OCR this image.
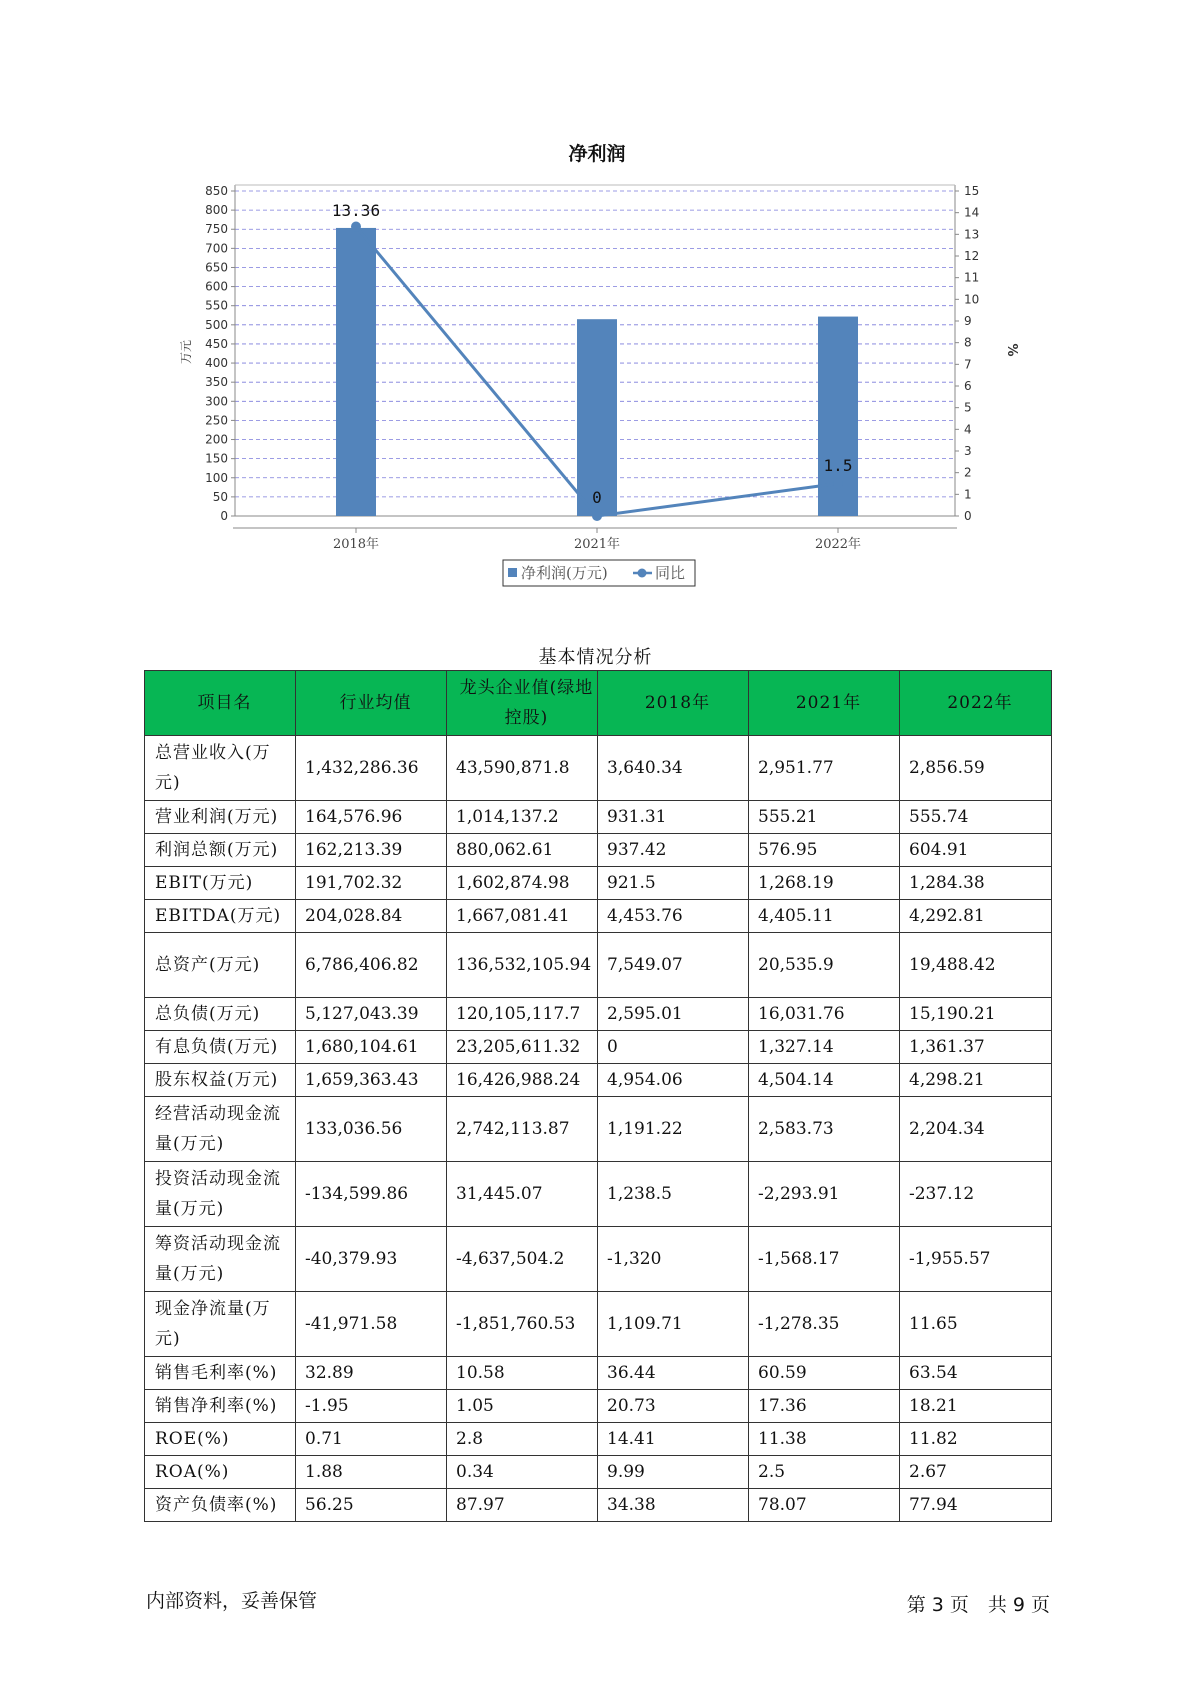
净利润
0
50
100
150
200
250
300
350
400
450
500
550
600
650
700
750
800
850
0
1
2
3
4
5
6
7
8
9
10
11
12
13
14
15
万元	%
2018年	2021年	2022年
13.36
0
1.5
净利润(万元)	同比
基本情况分析
项目名	行业均值	龙头企业值(绿地控股)	2018年	2021年	2022年
总营业收入(万元)	1,432,286.36	43,590,871.8	3,640.34	2,951.77	2,856.59
营业利润(万元)	164,576.96	1,014,137.2	931.31	555.21	555.74
利润总额(万元)	162,213.39	880,062.61	937.42	576.95	604.91
EBIT(万元)	191,702.32	1,602,874.98	921.5	1,268.19	1,284.38
EBITDA(万元)	204,028.84	1,667,081.41	4,453.76	4,405.11	4,292.81
总资产(万元)	6,786,406.82	136,532,105.94	7,549.07	20,535.9	19,488.42
总负债(万元)	5,127,043.39	120,105,117.7	2,595.01	16,031.76	15,190.21
有息负债(万元)	1,680,104.61	23,205,611.32	0	1,327.14	1,361.37
股东权益(万元)	1,659,363.43	16,426,988.24	4,954.06	4,504.14	4,298.21
经营活动现金流量(万元)	133,036.56	2,742,113.87	1,191.22	2,583.73	2,204.34
投资活动现金流量(万元)	-134,599.86	31,445.07	1,238.5	-2,293.91	-237.12
筹资活动现金流量(万元)	-40,379.93	-4,637,504.2	-1,320	-1,568.17	-1,955.57
现金净流量(万元)	-41,971.58	-1,851,760.53	1,109.71	-1,278.35	11.65
销售毛利率(%)	32.89	10.58	36.44	60.59	63.54
销售净利率(%)	-1.95	1.05	20.73	17.36	18.21
ROE(%)	0.71	2.8	14.41	11.38	11.82
ROA(%)	1.88	0.34	9.99	2.5	2.67
资产负债率(%)	56.25	87.97	34.38	78.07	77.94
内部资料，妥善保管	第 3 页　共 9 页
